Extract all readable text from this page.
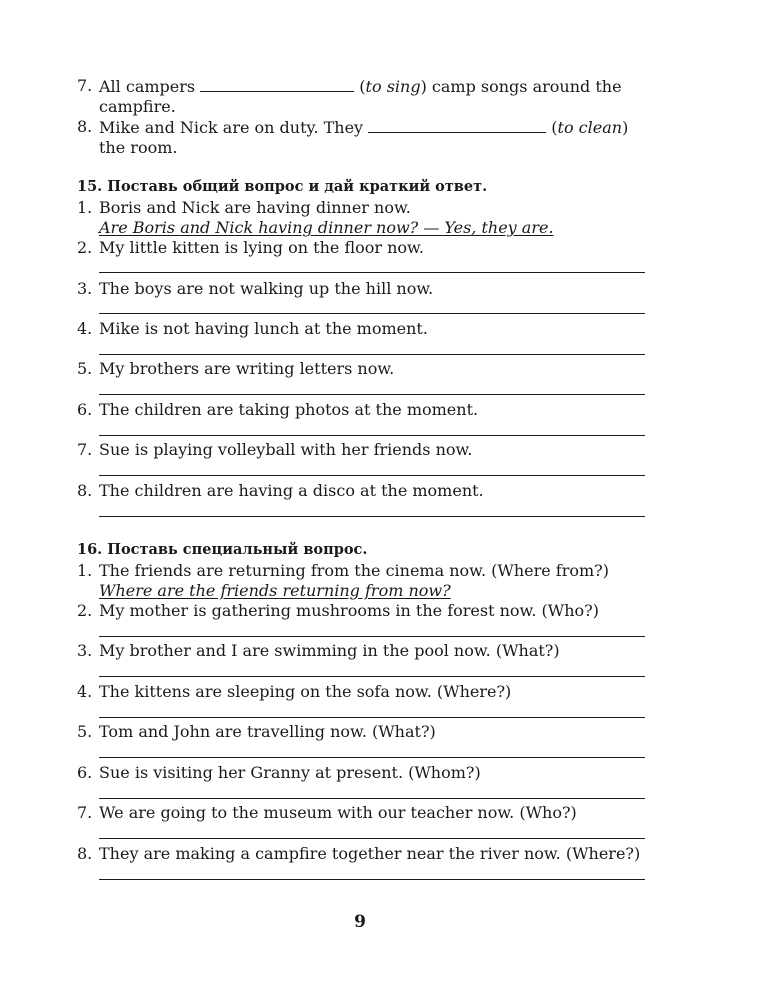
7. All campers	(to sing) camp songs around the
campfire.
8. Mike and Nick are on duty. They	(to clean)
the room.
15. Поставь общий вопрос и дай краткий ответ.
1. Boris and Nick are having dinner now.
Are Boris and Nick having dinner now? — Yes, they are.
2. My little kitten is lying on the floor now.
3. The boys are not walking up the hill now.
4. Mike is not having lunch at the moment.
5. My brothers are writing letters now.
6. The children are taking photos at the moment.
7. Sue is playing volleyball with her friends now.
8. The children are having a disco at the moment.
16. Поставь специальный вопрос.
1. The friends are returning from the cinema now. (Where from?)
Where are the friends returning from now?
2. My mother is gathering mushrooms in the forest now. (Who?)
3. My brother and I are swimming in the pool now. (What?)
4. The kittens are sleeping on the sofa now. (Where?)
5. Tom and John are travelling now. (What?)
6. Sue is visiting her Granny at present. (Whom?)
7. We are going to the museum with our teacher now. (Who?)
8. They are making a campfire together near the river now. (Where?)
9
